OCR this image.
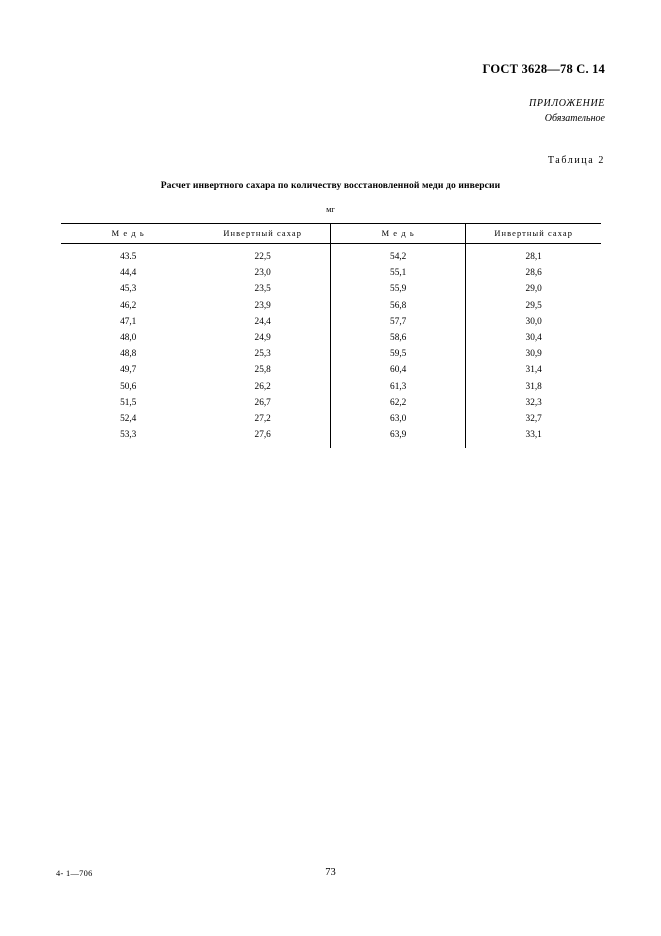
ГОСТ 3628—78 С. 14
ПРИЛОЖЕНИЕ
Обязательное
Таблица 2
Расчет инвертного сахара по количеству восстановленной меди до инверсии
мг
М е д ь	Инвертный сахар	М е д ь	Инвертный сахар

43.5	22,5	54,2	28,1
44,4	23,0	55,1	28,6
45,3	23,5	55,9	29,0
46,2	23,9	56,8	29,5
47,1	24,4	57,7	30,0
48,0	24,9	58,6	30,4
48,8	25,3	59,5	30,9
49,7	25,8	60,4	31,4
50,6	26,2	61,3	31,8
51,5	26,7	62,2	32,3
52,4	27,2	63,0	32,7
53,3	27,6	63,9	33,1

4- 1—706	73
